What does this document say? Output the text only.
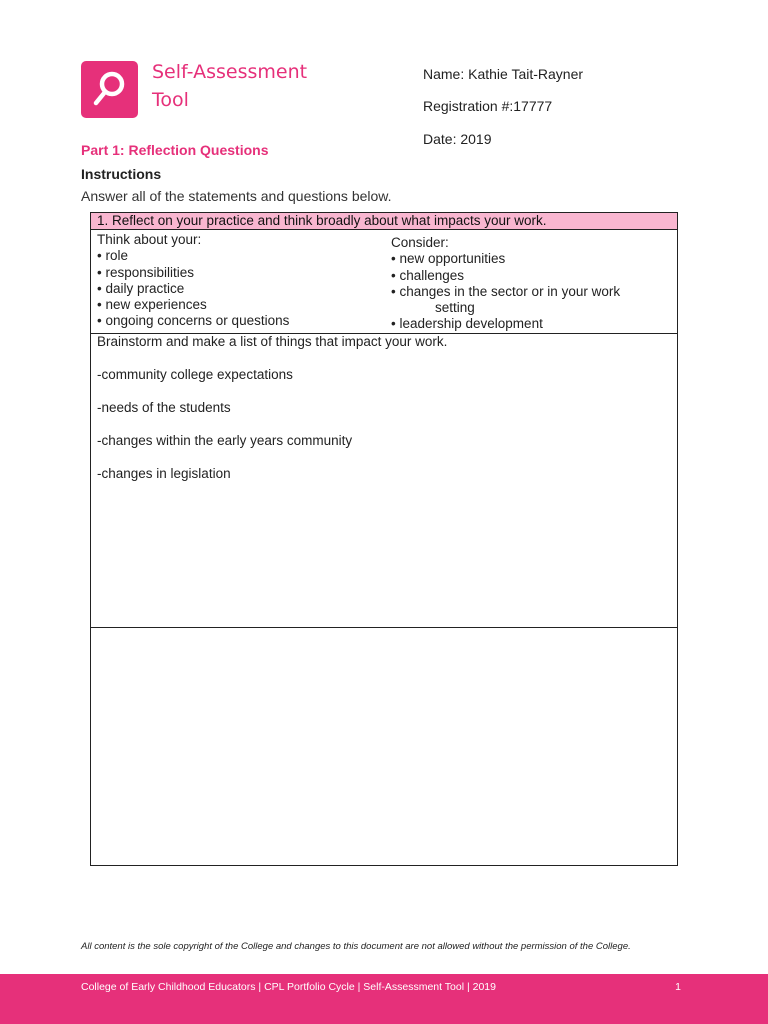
Self-Assessment
Tool
Name: Kathie Tait-Rayner
Registration #:17777
Date: 2019
Part 1: Reflection Questions
Instructions
Answer all of the statements and questions below.
1. Reflect on your practice and think broadly about what impacts your work.
Think about your:
• role
• responsibilities
• daily practice
• new experiences
• ongoing concerns or questions
Consider:
• new opportunities
• challenges
• changes in the sector or in your work
setting
• leadership development
Brainstorm and make a list of things that impact your work.
-community college expectations
-needs of the students
-changes within the early years community
-changes in legislation
All content is the sole copyright of the College and changes to this document are not allowed without the permission of the College.
College of Early Childhood Educators | CPL Portfolio Cycle | Self-Assessment Tool | 2019	1
